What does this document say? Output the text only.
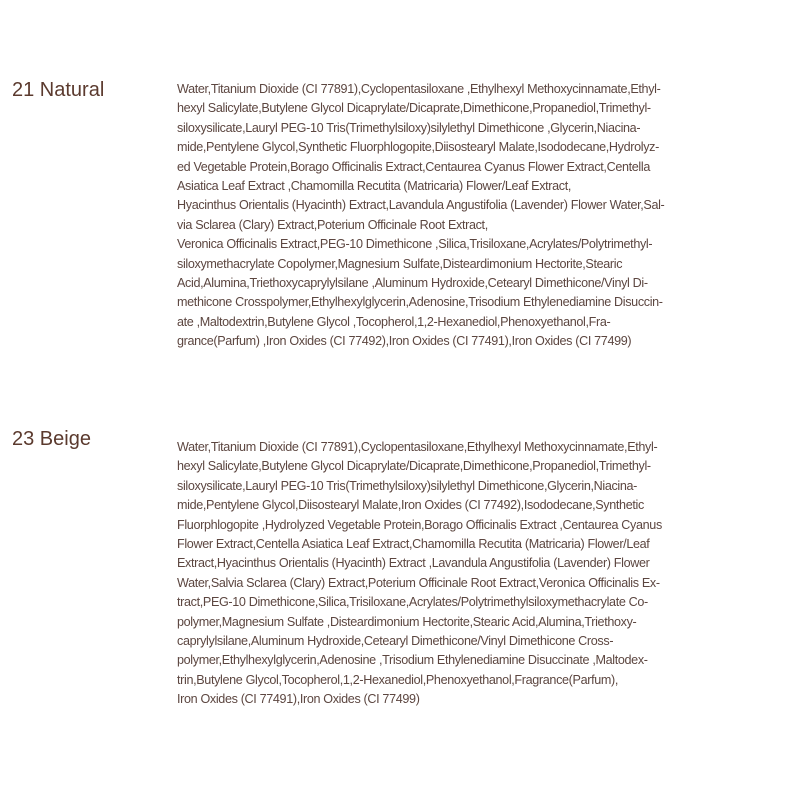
21 Natural	Water,Titanium Dioxide (CI 77891),Cyclopentasiloxane ,Ethylhexyl Methoxycinnamate,Ethyl-
hexyl Salicylate,Butylene Glycol Dicaprylate/Dicaprate,Dimethicone,Propanediol,Trimethyl-
siloxysilicate,Lauryl PEG-10 Tris(Trimethylsiloxy)silylethyl Dimethicone ,Glycerin,Niacina-
mide,Pentylene Glycol,Synthetic Fluorphlogopite,Diisostearyl Malate,Isododecane,Hydrolyz-
ed Vegetable Protein,Borago Officinalis Extract,Centaurea Cyanus Flower Extract,Centella
Asiatica Leaf Extract ,Chamomilla Recutita (Matricaria) Flower/Leaf Extract,
Hyacinthus Orientalis (Hyacinth) Extract,Lavandula Angustifolia (Lavender) Flower Water,Sal-
via Sclarea (Clary) Extract,Poterium Officinale Root Extract,
Veronica Officinalis Extract,PEG-10 Dimethicone ,Silica,Trisiloxane,Acrylates/Polytrimethyl-
siloxymethacrylate Copolymer,Magnesium Sulfate,Disteardimonium Hectorite,Stearic
Acid,Alumina,Triethoxycaprylylsilane ,Aluminum Hydroxide,Cetearyl Dimethicone/Vinyl Di-
methicone Crosspolymer,Ethylhexylglycerin,Adenosine,Trisodium Ethylenediamine Disuccin-
ate ,Maltodextrin,Butylene Glycol ,Tocopherol,1,2-Hexanediol,Phenoxyethanol,Fra-
grance(Parfum) ,Iron Oxides (CI 77492),Iron Oxides (CI 77491),Iron Oxides (CI 77499)
23 Beige	Water,Titanium Dioxide (CI 77891),Cyclopentasiloxane,Ethylhexyl Methoxycinnamate,Ethyl-
hexyl Salicylate,Butylene Glycol Dicaprylate/Dicaprate,Dimethicone,Propanediol,Trimethyl-
siloxysilicate,Lauryl PEG-10 Tris(Trimethylsiloxy)silylethyl Dimethicone,Glycerin,Niacina-
mide,Pentylene Glycol,Diisostearyl Malate,Iron Oxides (CI 77492),Isododecane,Synthetic
Fluorphlogopite ,Hydrolyzed Vegetable Protein,Borago Officinalis Extract ,Centaurea Cyanus
Flower Extract,Centella Asiatica Leaf Extract,Chamomilla Recutita (Matricaria) Flower/Leaf
Extract,Hyacinthus Orientalis (Hyacinth) Extract ,Lavandula Angustifolia (Lavender) Flower
Water,Salvia Sclarea (Clary) Extract,Poterium Officinale Root Extract,Veronica Officinalis Ex-
tract,PEG-10 Dimethicone,Silica,Trisiloxane,Acrylates/Polytrimethylsiloxymethacrylate Co-
polymer,Magnesium Sulfate ,Disteardimonium Hectorite,Stearic Acid,Alumina,Triethoxy-
caprylylsilane,Aluminum Hydroxide,Cetearyl Dimethicone/Vinyl Dimethicone Cross-
polymer,Ethylhexylglycerin,Adenosine ,Trisodium Ethylenediamine Disuccinate ,Maltodex-
trin,Butylene Glycol,Tocopherol,1,2-Hexanediol,Phenoxyethanol,Fragrance(Parfum),
Iron Oxides (CI 77491),Iron Oxides (CI 77499)
